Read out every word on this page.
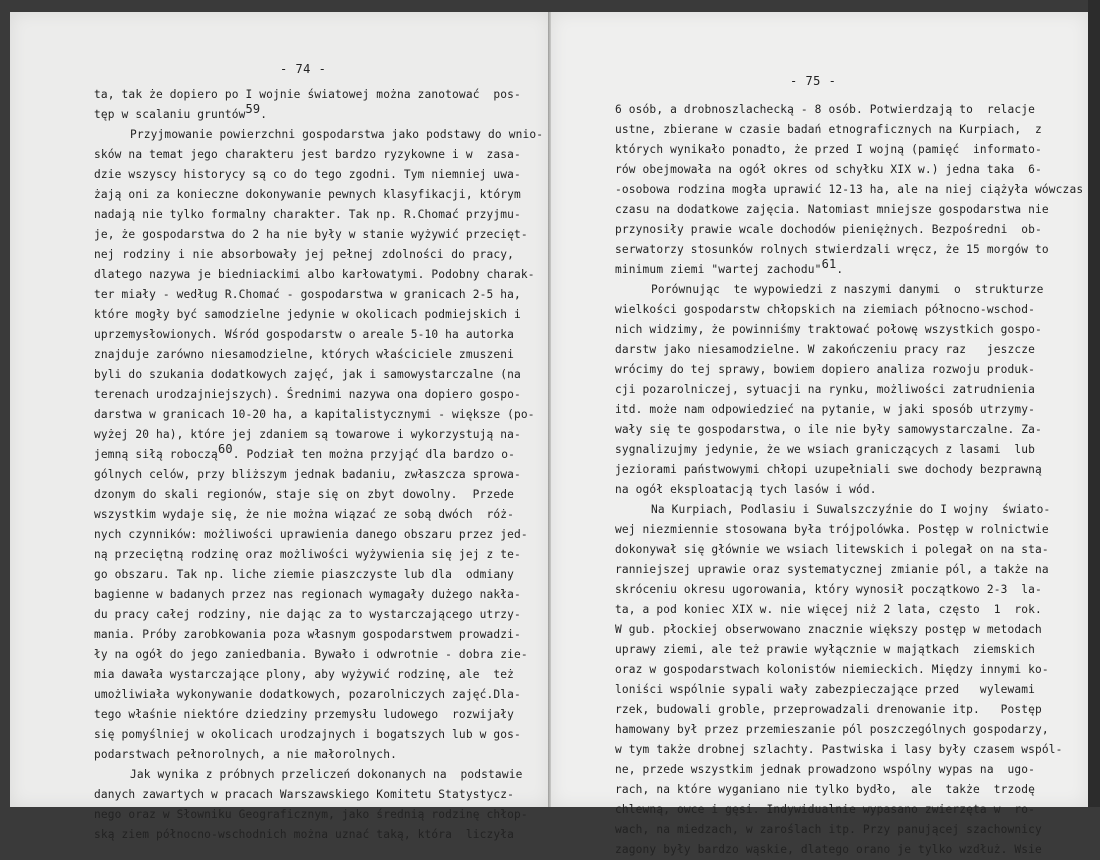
- 74 -
ta, tak że dopiero po I wojnie światowej można zanotować  pos-
tęp w scalaniu gruntów$^{59}$.
Przyjmowanie powierzchni gospodarstwa jako podstawy do wnio-
sków na temat jego charakteru jest bardzo ryzykowne i w  zasa-
dzie wszyscy historycy są co do tego zgodni. Tym niemniej uwa-
żają oni za konieczne dokonywanie pewnych klasyfikacji, którym
nadają nie tylko formalny charakter. Tak np. R.Chomać przyjmu-
je, że gospodarstwa do 2 ha nie były w stanie wyżywić przecięt-
nej rodziny i nie absorbowały jej pełnej zdolności do pracy,
dlatego nazywa je biedniackimi albo karłowatymi. Podobny charak-
ter miały - według R.Chomać - gospodarstwa w granicach 2-5 ha,
które mogły być samodzielne jedynie w okolicach podmiejskich i
uprzemysłowionych. Wśród gospodarstw o areale 5-10 ha autorka
znajduje zarówno niesamodzielne, których właściciele zmuszeni
byli do szukania dodatkowych zajęć, jak i samowystarczalne (na
terenach urodzajniejszych). Średnimi nazywa ona dopiero gospo-
darstwa w granicach 10-20 ha, a kapitalistycznymi - większe (po-
wyżej 20 ha), które jej zdaniem są towarowe i wykorzystują na-
jemną siłą roboczą$^{60}$. Podział ten można przyjąć dla bardzo o-
gólnych celów, przy bliższym jednak badaniu, zwłaszcza sprowa-
dzonym do skali regionów, staje się on zbyt dowolny.  Przede
wszystkim wydaje się, że nie można wiązać ze sobą dwóch  róż-
nych czynników: możliwości uprawienia danego obszaru przez jed-
ną przeciętną rodzinę oraz możliwości wyżywienia się jej z te-
go obszaru. Tak np. liche ziemie piaszczyste lub dla  odmiany
bagienne w badanych przez nas regionach wymagały dużego nakła-
du pracy całej rodziny, nie dając za to wystarczającego utrzy-
mania. Próby zarobkowania poza własnym gospodarstwem prowadzi-
ły na ogół do jego zaniedbania. Bywało i odwrotnie - dobra zie-
mia dawała wystarczające plony, aby wyżywić rodzinę, ale  też
umożliwiała wykonywanie dodatkowych, pozarolniczych zajęć.Dla-
tego właśnie niektóre dziedziny przemysłu ludowego  rozwijały
się pomyślniej w okolicach urodzajnych i bogatszych lub w gos-
podarstwach pełnorolnych, a nie małorolnych.
Jak wynika z próbnych przeliczeń dokonanych na  podstawie
danych zawartych w pracach Warszawskiego Komitetu Statystycz-
nego oraz w Słowniku Geograficznym, jako średnią rodzinę chłop-
ską ziem północno-wschodnich można uznać taką, która  liczyła
- 75 -
6 osób, a drobnoszlachecką - 8 osób. Potwierdzają to  relacje
ustne, zbierane w czasie badań etnograficznych na Kurpiach,  z
których wynikało ponadto, że przed I wojną (pamięć  informato-
rów obejmowała na ogół okres od schyłku XIX w.) jedna taka  6-
-osobowa rodzina mogła uprawić 12-13 ha, ale na niej ciążyła wówczas
czasu na dodatkowe zajęcia. Natomiast mniejsze gospodarstwa nie
przynosiły prawie wcale dochodów pieniężnych. Bezpośredni  ob-
serwatorzy stosunków rolnych stwierdzali wręcz, że 15 morgów to
minimum ziemi "wartej zachodu"$^{61}$.
Porównując  te wypowiedzi z naszymi danymi  o  strukturze
wielkości gospodarstw chłopskich na ziemiach północno-wschod-
nich widzimy, że powinniśmy traktować połowę wszystkich gospo-
darstw jako niesamodzielne. W zakończeniu pracy raz   jeszcze
wrócimy do tej sprawy, bowiem dopiero analiza rozwoju produk-
cji pozarolniczej, sytuacji na rynku, możliwości zatrudnienia
itd. może nam odpowiedzieć na pytanie, w jaki sposób utrzymy-
wały się te gospodarstwa, o ile nie były samowystarczalne. Za-
sygnalizujmy jedynie, że we wsiach graniczących z lasami  lub
jeziorami państwowymi chłopi uzupełniali swe dochody bezprawną
na ogół eksploatacją tych lasów i wód.
Na Kurpiach, Podlasiu i Suwalszczyźnie do I wojny  świato-
wej niezmiennie stosowana była trójpolówka. Postęp w rolnictwie
dokonywał się głównie we wsiach litewskich i polegał on na sta-
ranniejszej uprawie oraz systematycznej zmianie pól, a także na
skróceniu okresu ugorowania, który wynosił początkowo 2-3  la-
ta, a pod koniec XIX w. nie więcej niż 2 lata, często  1  rok.
W gub. płockiej obserwowano znacznie większy postęp w metodach
uprawy ziemi, ale też prawie wyłącznie w majątkach  ziemskich
oraz w gospodarstwach kolonistów niemieckich. Między innymi ko-
loniści wspólnie sypali wały zabezpieczające przed   wylewami
rzek, budowali groble, przeprowadzali drenowanie itp.   Postęp
hamowany był przez przemieszanie pól poszczególnych gospodarzy,
w tym także drobnej szlachty. Pastwiska i lasy były czasem wspól-
ne, przede wszystkim jednak prowadzono wspólny wypas na  ugo-
rach, na które wyganiano nie tylko bydło,  ale  także  trzodę
chlewną, owce i gęsi. Indywidualnie wypasano zwierzęta w  ro-
wach, na miedzach, w zaroślach itp. Przy panującej szachownicy
zagony były bardzo wąskie, dlatego orano je tylko wzdłuż. Wsie
